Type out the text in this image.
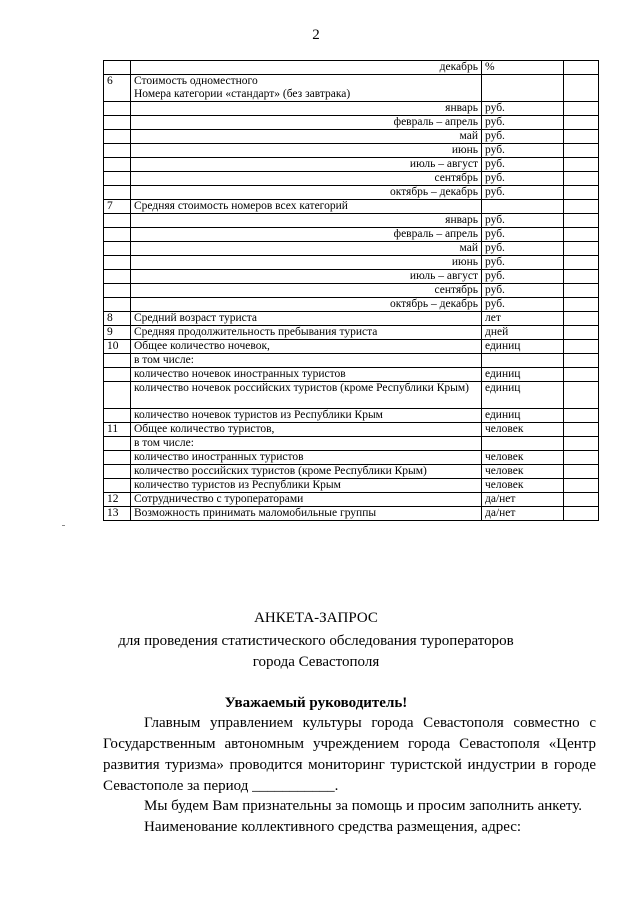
2
	декабрь	%	
6	Стоимость одноместного
Номера категории «стандарт» (без завтрака)		
	январь	руб.	
	февраль – апрель	руб.	
	май	руб.	
	июнь	руб.	
	июль – август	руб.	
	сентябрь	руб.	
	октябрь – декабрь	руб.	
7	Средняя стоимость номеров всех категорий		
	январь	руб.	
	февраль – апрель	руб.	
	май	руб.	
	июнь	руб.	
	июль – август	руб.	
	сентябрь	руб.	
	октябрь – декабрь	руб.	
8	Средний возраст туриста	лет	
9	Средняя продолжительность пребывания туриста	дней	
10	Общее количество ночевок,	единиц	
	в том числе:		
	количество ночевок иностранных туристов	единиц	
	количество ночевок российских туристов (кроме Республики Крым)	единиц	
	количество ночевок туристов из Республики Крым	единиц	
11	Общее количество туристов,	человек	
	в том числе:		
	количество иностранных туристов	человек	
	количество российских туристов (кроме Республики Крым)	человек	
	количество туристов из Республики Крым	человек	
12	Сотрудничество с туроператорами	да/нет	
13	Возможность принимать маломобильные группы	да/нет	
АНКЕТА-ЗАПРОС
для проведения статистического обследования туроператоров
города Севастополя
Уважаемый руководитель!
Главным управлением культуры города Севастополя совместно с Государственным автономным учреждением города Севастополя «Центр развития туризма» проводится мониторинг туристской индустрии в городе Севастополе за период ___________.
Мы будем Вам признательны за помощь и просим заполнить анкету.
Наименование коллективного средства размещения, адрес:
